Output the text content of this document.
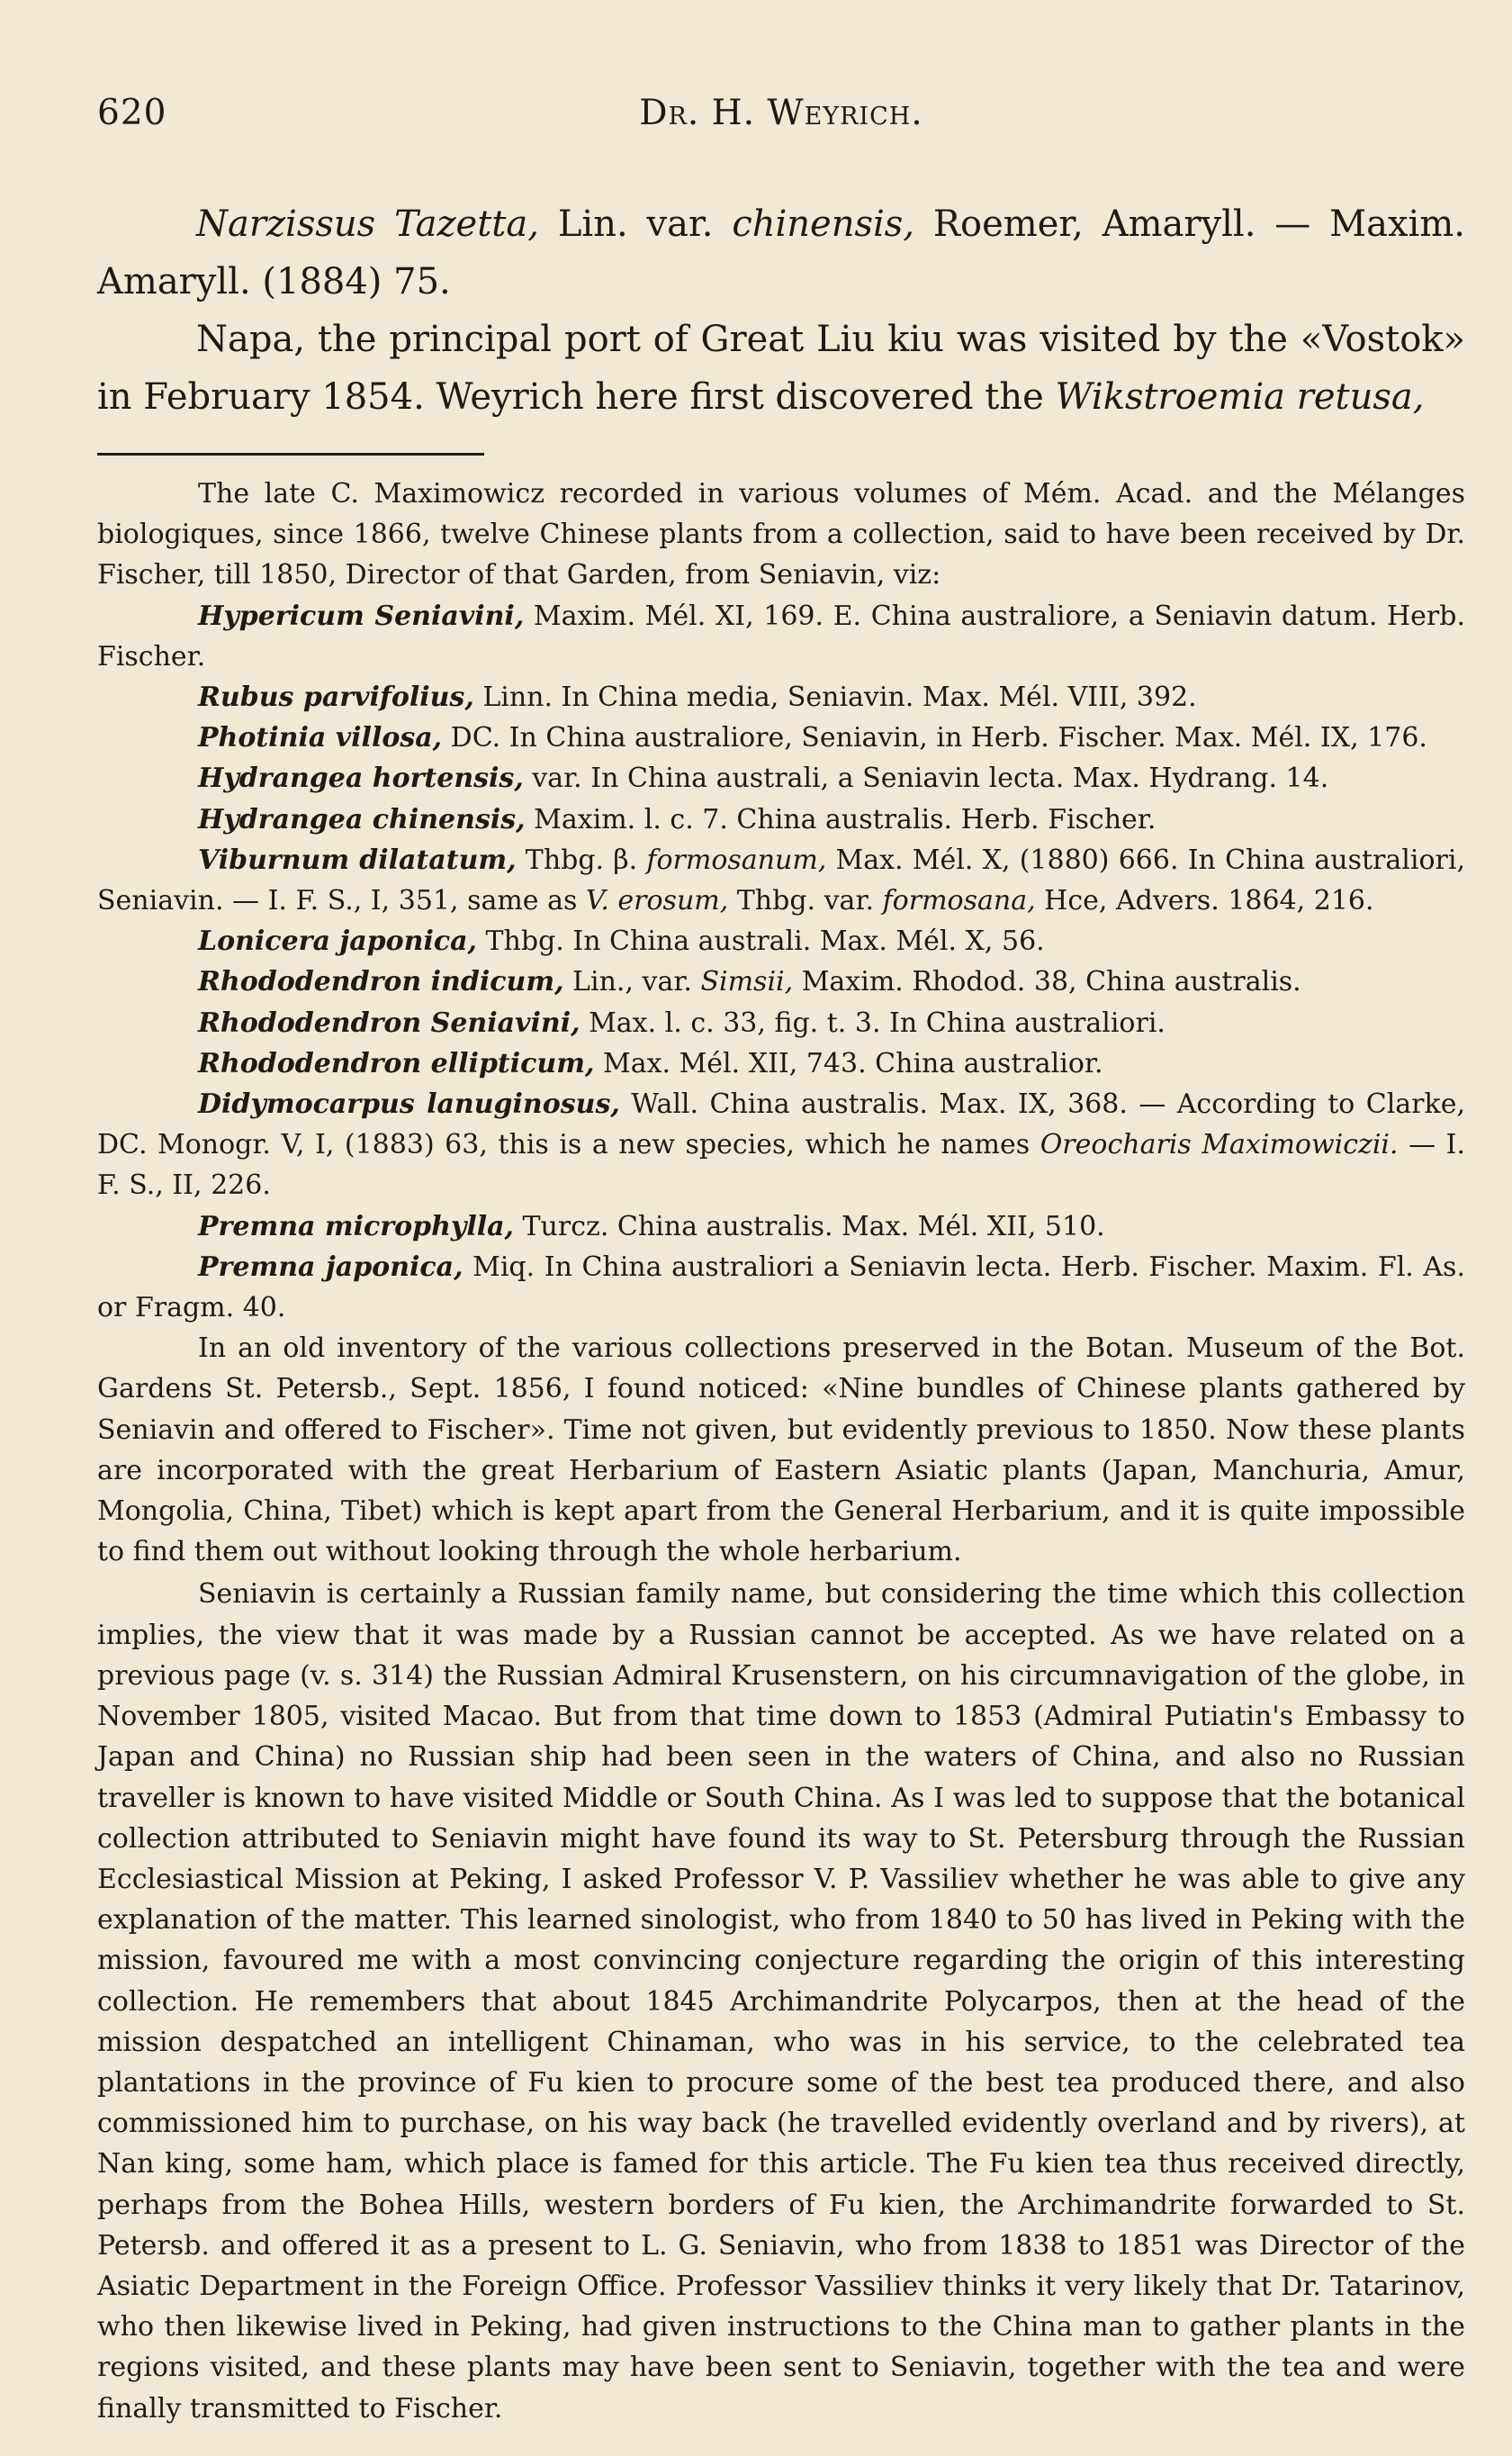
620	Dr. H. Weyrich.

Narzissus Tazetta, Lin. var. chinensis, Roemer, Amaryll. — Maxim. Amaryll. (1884) 75.

Napa, the principal port of Great Liu kiu was visited by the «Vostok» in February 1854. Weyrich here first discovered the Wikstroemia retusa,

The late C. Maximowicz recorded in various volumes of Mém. Acad. and the Mélanges biologiques, since 1866, twelve Chinese plants from a collection, said to have been received by Dr. Fischer, till 1850, Director of that Garden, from Seniavin, viz:

Hypericum Seniavini, Maxim. Mél. XI, 169. E. China australiore, a Seniavin datum. Herb. Fischer.

Rubus parvifolius, Linn. In China media, Seniavin. Max. Mél. VIII, 392.

Photinia villosa, DC. In China australiore, Seniavin, in Herb. Fischer. Max. Mél. IX, 176.

Hydrangea hortensis, var. In China australi, a Seniavin lecta. Max. Hydrang. 14.

Hydrangea chinensis, Maxim. l. c. 7. China australis. Herb. Fischer.

Viburnum dilatatum, Thbg. β. formosanum, Max. Mél. X, (1880) 666. In China australiori, Seniavin. — I. F. S., I, 351, same as V. erosum, Thbg. var. formosana, Hce, Advers. 1864, 216.

Lonicera japonica, Thbg. In China australi. Max. Mél. X, 56.

Rhododendron indicum, Lin., var. Simsii, Maxim. Rhodod. 38, China australis.

Rhododendron Seniavini, Max. l. c. 33, fig. t. 3. In China australiori.

Rhododendron ellipticum, Max. Mél. XII, 743. China australior.

Didymocarpus lanuginosus, Wall. China australis. Max. IX, 368. — According to Clarke, DC. Monogr. V, I, (1883) 63, this is a new species, which he names Oreocharis Maximowiczii. — I. F. S., II, 226.

Premna microphylla, Turcz. China australis. Max. Mél. XII, 510.

Premna japonica, Miq. In China australiori a Seniavin lecta. Herb. Fischer. Maxim. Fl. As. or Fragm. 40.

In an old inventory of the various collections preserved in the Botan. Museum of the Bot. Gardens St. Petersb., Sept. 1856, I found noticed: «Nine bundles of Chinese plants gathered by Seniavin and offered to Fischer». Time not given, but evidently previous to 1850. Now these plants are incorporated with the great Herbarium of Eastern Asiatic plants (Japan, Manchuria, Amur, Mongolia, China, Tibet) which is kept apart from the General Herbarium, and it is quite impossible to find them out without looking through the whole herbarium.

Seniavin is certainly a Russian family name, but considering the time which this collection implies, the view that it was made by a Russian cannot be accepted. As we have related on a previous page (v. s. 314) the Russian Admiral Krusenstern, on his circumnavigation of the globe, in November 1805, visited Macao. But from that time down to 1853 (Admiral Putiatin's Embassy to Japan and China) no Russian ship had been seen in the waters of China, and also no Russian traveller is known to have visited Middle or South China. As I was led to suppose that the botanical collection attributed to Seniavin might have found its way to St. Petersburg through the Russian Ecclesiastical Mission at Peking, I asked Professor V. P. Vassiliev whether he was able to give any explanation of the matter. This learned sinologist, who from 1840 to 50 has lived in Peking with the mission, favoured me with a most convincing conjecture regarding the origin of this interesting collection. He remembers that about 1845 Archimandrite Polycarpos, then at the head of the mission despatched an intelligent Chinaman, who was in his service, to the celebrated tea plantations in the province of Fu kien to procure some of the best tea produced there, and also commissioned him to purchase, on his way back (he travelled evidently overland and by rivers), at Nan king, some ham, which place is famed for this article. The Fu kien tea thus received directly, perhaps from the Bohea Hills, western borders of Fu kien, the Archimandrite forwarded to St. Petersb. and offered it as a present to L. G. Seniavin, who from 1838 to 1851 was Director of the Asiatic Department in the Foreign Office. Professor Vassiliev thinks it very likely that Dr. Tatarinov, who then likewise lived in Peking, had given instructions to the China man to gather plants in the regions visited, and these plants may have been sent to Seniavin, together with the tea and were finally transmitted to Fischer.
